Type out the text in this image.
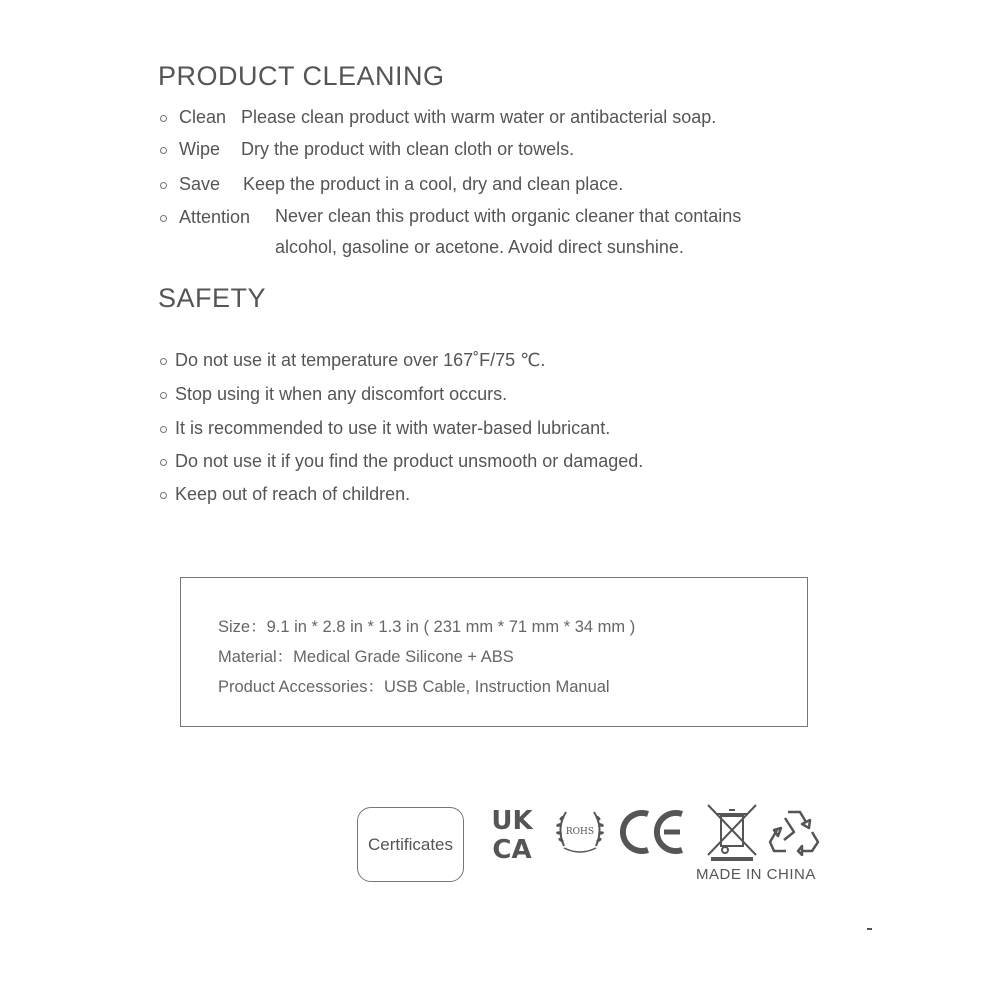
PRODUCT CLEANING
Clean Please clean product with warm water or antibacterial soap.
Wipe	Dry the product with clean cloth or towels.
Save	Keep the product in a cool, dry and clean place.
Attention	Never clean this product with organic cleaner that contains
alcohol, gasoline or acetone. Avoid direct sunshine.
SAFETY
Do not use it at temperature over 167˚F/75 ℃.
Stop using it when any discomfort occurs.
It is recommended to use it with water-based lubricant.
Do not use it if you find the product unsmooth or damaged.
Keep out of reach of children.
Size：9.1 in * 2.8 in * 1.3 in ( 231 mm * 71 mm * 34 mm )
Material：Medical Grade Silicone + ABS
Product Accessories：USB Cable, Instruction Manual
Certificates
UK
CA
ROHS
MADE IN CHINA
